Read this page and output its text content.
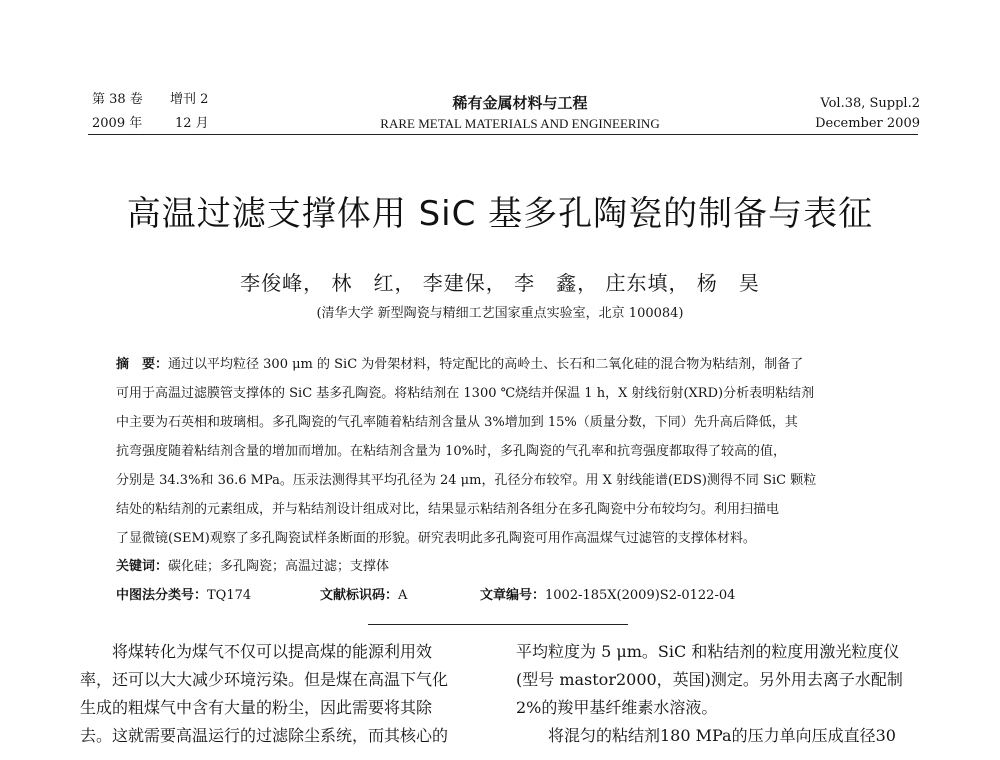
第 38 卷 增刊 2
2009 年	12 月
稀有金属材料与工程
RARE METAL MATERIALS AND ENGINEERING
Vol.38, Suppl.2
December 2009
高温过滤支撑体用 SiC 基多孔陶瓷的制备与表征
李俊峰， 林　红， 李建保， 李　鑫， 庄东填， 杨　昊
(清华大学 新型陶瓷与精细工艺国家重点实验室，北京 100084)
摘　要：通过以平均粒径 300 μm 的 SiC 为骨架材料，特定配比的高岭土、长石和二氧化硅的混合物为粘结剂，制备了
可用于高温过滤膜管支撑体的 SiC 基多孔陶瓷。将粘结剂在 1300 ℃烧结并保温 1 h，X 射线衍射(XRD)分析表明粘结剂
中主要为石英相和玻璃相。多孔陶瓷的气孔率随着粘结剂含量从 3%增加到 15%（质量分数，下同）先升高后降低，其
抗弯强度随着粘结剂含量的增加而增加。在粘结剂含量为 10%时，多孔陶瓷的气孔率和抗弯强度都取得了较高的值，
分别是 34.3%和 36.6 MPa。压汞法测得其平均孔径为 24 μm，孔径分布较窄。用 X 射线能谱(EDS)测得不同 SiC 颗粒
结处的粘结剂的元素组成，并与粘结剂设计组成对比，结果显示粘结剂各组分在多孔陶瓷中分布较均匀。利用扫描电
了显微镜(SEM)观察了多孔陶瓷试样条断面的形貌。研究表明此多孔陶瓷可用作高温煤气过滤管的支撑体材料。
关键词：碳化硅；多孔陶瓷；高温过滤；支撑体
中图法分类号：TQ174	文献标识码：A	文章编号：1002-185X(2009)S2-0122-04
将煤转化为煤气不仅可以提高煤的能源利用效
率，还可以大大减少环境污染。但是煤在高温下气化
生成的粗煤气中含有大量的粉尘，因此需要将其除
去。这就需要高温运行的过滤除尘系统，而其核心的
平均粒度为 5 μm。SiC 和粘结剂的粒度用激光粒度仪
(型号 mastor2000，英国)测定。另外用去离子水配制
2%的羧甲基纤维素水溶液。
将混匀的粘结剂180 MPa的压力单向压成直径30
